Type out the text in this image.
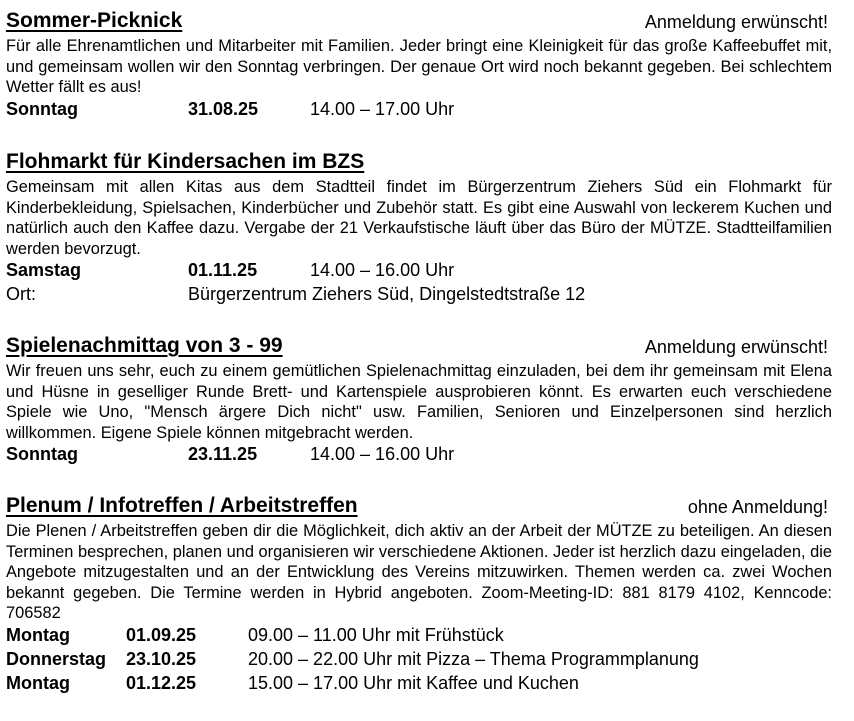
Sommer-Picknick	Anmeldung erwünscht!
Für alle Ehrenamtlichen und Mitarbeiter mit Familien. Jeder bringt eine Kleinigkeit für das große Kaffeebuffet mit, und gemeinsam wollen wir den Sonntag verbringen. Der genaue Ort wird noch bekannt gegeben. Bei schlechtem Wetter fällt es aus!
Sonntag	31.08.25	14.00 – 17.00 Uhr
Flohmarkt für Kindersachen im BZS
Gemeinsam mit allen Kitas aus dem Stadtteil findet im Bürgerzentrum Ziehers Süd ein Flohmarkt für Kinderbekleidung, Spielsachen, Kinderbücher und Zubehör statt. Es gibt eine Auswahl von leckerem Kuchen und natürlich auch den Kaffee dazu. Vergabe der 21 Verkaufstische läuft über das Büro der MÜTZE. Stadtteilfamilien werden bevorzugt.
Samstag	01.11.25	14.00 – 16.00 Uhr
Ort:	Bürgerzentrum Ziehers Süd, Dingelstedtstraße 12
Spielenachmittag von 3 - 99	Anmeldung erwünscht!
Wir freuen uns sehr, euch zu einem gemütlichen Spielenachmittag einzuladen, bei dem ihr gemeinsam mit Elena und Hüsne in geselliger Runde Brett- und Kartenspiele ausprobieren könnt. Es erwarten euch verschiedene Spiele wie Uno, "Mensch ärgere Dich nicht" usw. Familien, Senioren und Einzelpersonen sind herzlich willkommen. Eigene Spiele können mitgebracht werden.
Sonntag	23.11.25	14.00 – 16.00 Uhr
Plenum / Infotreffen / Arbeitstreffen	ohne Anmeldung!
Die Plenen / Arbeitstreffen geben dir die Möglichkeit, dich aktiv an der Arbeit der MÜTZE zu beteiligen. An diesen Terminen besprechen, planen und organisieren wir verschiedene Aktionen. Jeder ist herzlich dazu eingeladen, die Angebote mitzugestalten und an der Entwicklung des Vereins mitzuwirken. Themen werden ca. zwei Wochen bekannt gegeben. Die Termine werden in Hybrid angeboten. Zoom-Meeting-ID: 881 8179 4102, Kenncode: 706582
Montag	01.09.25	09.00 – 11.00 Uhr mit Frühstück
Donnerstag 23.10.25	20.00 – 22.00 Uhr mit Pizza – Thema Programmplanung
Montag	01.12.25	15.00 – 17.00 Uhr mit Kaffee und Kuchen
